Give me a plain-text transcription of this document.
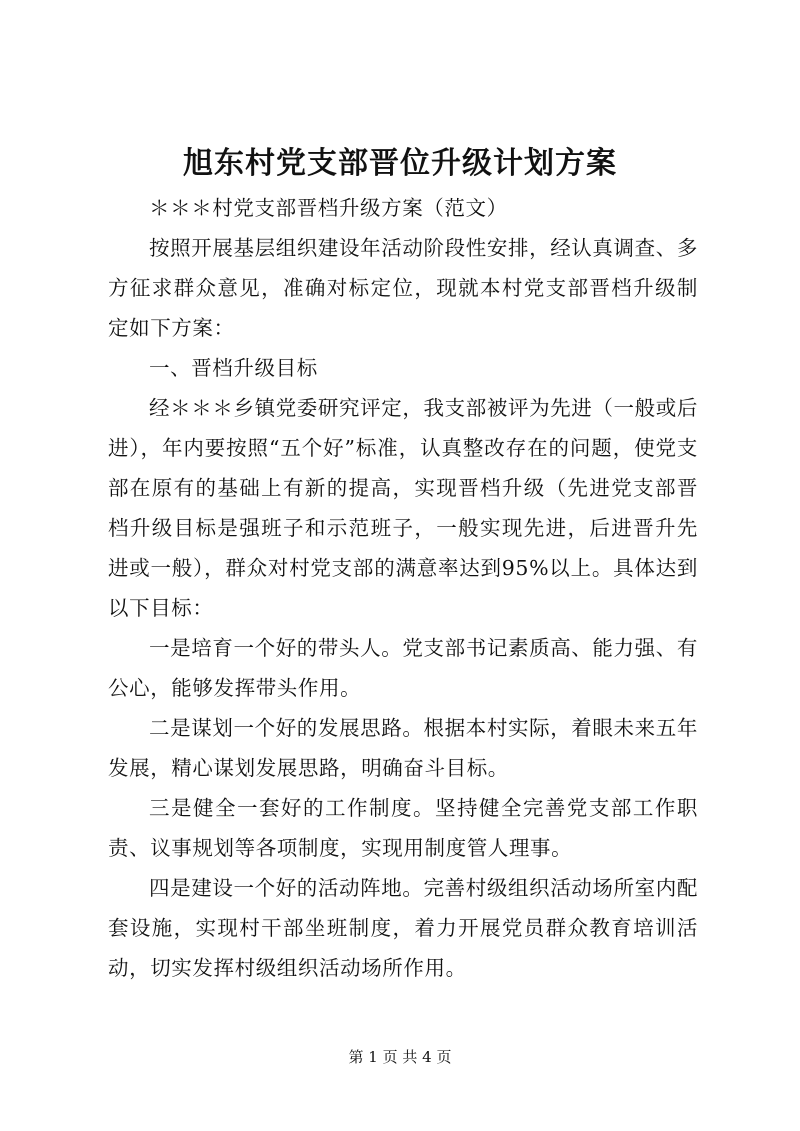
旭东村党支部晋位升级计划方案

＊＊＊村党支部晋档升级方案（范文）

按照开展基层组织建设年活动阶段性安排，经认真调查、多方征求群众意见，准确对标定位，现就本村党支部晋档升级制定如下方案：

一、晋档升级目标

经＊＊＊乡镇党委研究评定，我支部被评为先进（一般或后进），年内要按照“五个好”标准，认真整改存在的问题，使党支部在原有的基础上有新的提高，实现晋档升级（先进党支部晋档升级目标是强班子和示范班子，一般实现先进，后进晋升先进或一般），群众对村党支部的满意率达到95%以上。具体达到以下目标：

一是培育一个好的带头人。党支部书记素质高、能力强、有公心，能够发挥带头作用。

二是谋划一个好的发展思路。根据本村实际，着眼未来五年发展，精心谋划发展思路，明确奋斗目标。

三是健全一套好的工作制度。坚持健全完善党支部工作职责、议事规划等各项制度，实现用制度管人理事。

四是建设一个好的活动阵地。完善村级组织活动场所室内配套设施，实现村干部坐班制度，着力开展党员群众教育培训活动，切实发挥村级组织活动场所作用。

第 1 页 共 4 页
